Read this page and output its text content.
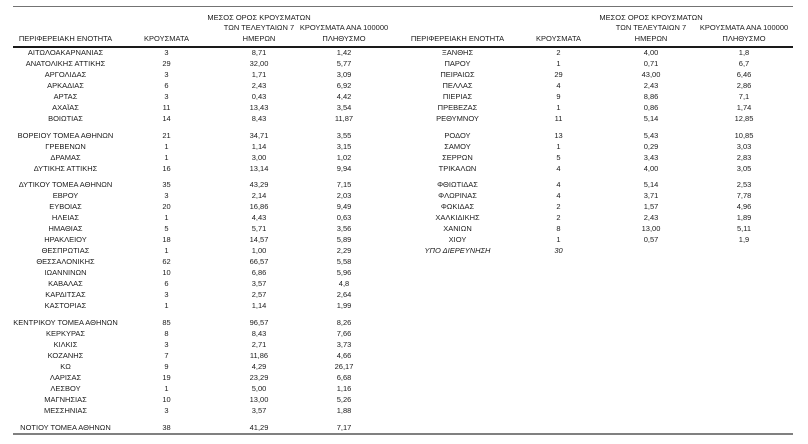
ΠΕΡΙΦΕΡΕΙΑΚΗ ΕΝΟΤΗΤΑ	ΚΡΟΥΣΜΑΤΑ

ΜΕΣΟΣ ΟΡΟΣ ΚΡΟΥΣΜΑΤΩΝ
ΤΩΝ ΤΕΛΕΥΤΑΙΩΝ 7
ΗΜΕΡΩΝ

ΚΡΟΥΣΜΑΤΑ ΑΝΑ 100000
ΠΛΗΘΥΣΜΟ		ΠΕΡΙΦΕΡΕΙΑΚΗ ΕΝΟΤΗΤΑ	ΚΡΟΥΣΜΑΤΑ

ΜΕΣΟΣ ΟΡΟΣ ΚΡΟΥΣΜΑΤΩΝ
ΤΩΝ ΤΕΛΕΥΤΑΙΩΝ 7
ΗΜΕΡΩΝ

ΚΡΟΥΣΜΑΤΑ ΑΝΑ 100000
ΠΛΗΘΥΣΜΟ

ΑΙΤΩΛΟΑΚΑΡΝΑΝΙΑΣ	3	8,71	1,42		ΞΑΝΘΗΣ	2	4,00	1,8
ΑΝΑΤΟΛΙΚΗΣ ΑΤΤΙΚΗΣ	29	32,00	5,77		ΠΑΡΟΥ	1	0,71	6,7
ΑΡΓΟΛΙΔΑΣ	3	1,71	3,09		ΠΕΙΡΑΙΩΣ	29	43,00	6,46
ΑΡΚΑΔΙΑΣ	6	2,43	6,92		ΠΕΛΛΑΣ	4	2,43	2,86
ΑΡΤΑΣ	3	0,43	4,42		ΠΙΕΡΙΑΣ	9	8,86	7,1
ΑΧΑΪΑΣ	11	13,43	3,54		ΠΡΕΒΕΖΑΣ	1	0,86	1,74
ΒΟΙΩΤΙΑΣ	14	8,43	11,87		ΡΕΘΥΜΝΟΥ	11	5,14	12,85

ΒΟΡΕΙΟΥ ΤΟΜΕΑ ΑΘΗΝΩΝ	21	34,71	3,55		ΡΟΔΟΥ	13	5,43	10,85
ΓΡΕΒΕΝΩΝ	1	1,14	3,15		ΣΑΜΟΥ	1	0,29	3,03
ΔΡΑΜΑΣ	1	3,00	1,02		ΣΕΡΡΩΝ	5	3,43	2,83
ΔΥΤΙΚΗΣ ΑΤΤΙΚΗΣ	16	13,14	9,94		ΤΡΙΚΑΛΩΝ	4	4,00	3,05

ΔΥΤΙΚΟΥ ΤΟΜΕΑ ΑΘΗΝΩΝ	35	43,29	7,15		ΦΘΙΩΤΙΔΑΣ	4	5,14	2,53
ΕΒΡΟΥ	3	2,14	2,03		ΦΛΩΡΙΝΑΣ	4	3,71	7,78
ΕΥΒΟΙΑΣ	20	16,86	9,49		ΦΩΚΙΔΑΣ	2	1,57	4,96
ΗΛΕΙΑΣ	1	4,43	0,63		ΧΑΛΚΙΔΙΚΗΣ	2	2,43	1,89
ΗΜΑΘΙΑΣ	5	5,71	3,56		ΧΑΝΙΩΝ	8	13,00	5,11
ΗΡΑΚΛΕΙΟΥ	18	14,57	5,89		ΧΙΟΥ	1	0,57	1,9
ΘΕΣΠΡΩΤΙΑΣ	1	1,00	2,29		ΥΠΟ ΔΙΕΡΕΥΝΗΣΗ	30		
ΘΕΣΣΑΛΟΝΙΚΗΣ	62	66,57	5,58					
ΙΩΑΝΝΙΝΩΝ	10	6,86	5,96					
ΚΑΒΑΛΑΣ	6	3,57	4,8					
ΚΑΡΔΙΤΣΑΣ	3	2,57	2,64					
ΚΑΣΤΟΡΙΑΣ	1	1,14	1,99					

ΚΕΝΤΡΙΚΟΥ ΤΟΜΕΑ ΑΘΗΝΩΝ	85	96,57	8,26					
ΚΕΡΚΥΡΑΣ	8	8,43	7,66					
ΚΙΛΚΙΣ	3	2,71	3,73					
ΚΟΖΑΝΗΣ	7	11,86	4,66					
ΚΩ	9	4,29	26,17					
ΛΑΡΙΣΑΣ	19	23,29	6,68					
ΛΕΣΒΟΥ	1	5,00	1,16					
ΜΑΓΝΗΣΙΑΣ	10	13,00	5,26					
ΜΕΣΣΗΝΙΑΣ	3	3,57	1,88					

ΝΟΤΙΟΥ ΤΟΜΕΑ ΑΘΗΝΩΝ	38	41,29	7,17					
